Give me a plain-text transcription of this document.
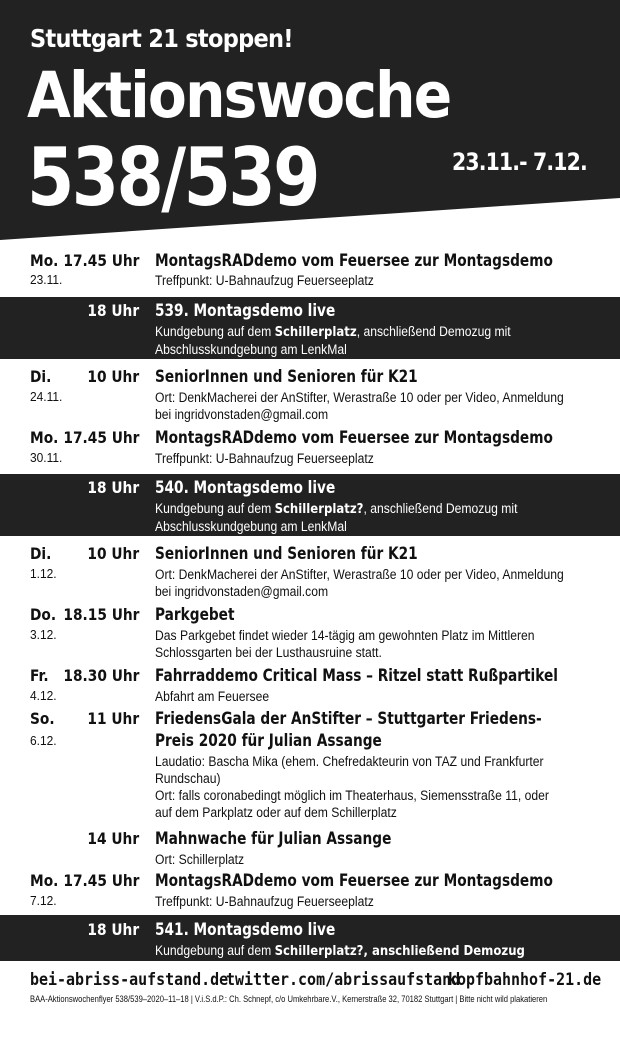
Stuttgart 21 stoppen!
Aktionswoche
538/539	23.11.- 7.12.
Mo. 17.45 Uhr
23.11.
MontagsRADdemo vom Feuersee zur Montagsdemo
Treffpunkt: U-Bahnaufzug Feuerseeplatz
18 Uhr 539. Montagsdemo live
Kundgebung auf dem Schillerplatz, anschließend Demozug mit
Abschlusskundgebung am LenkMal
Di.	10 Uhr
24.11.
SeniorInnen und Senioren für K21
Ort: DenkMacherei der AnStifter, Werastraße 10 oder per Video, Anmeldung
bei ingridvonstaden@gmail.com
Mo. 17.45 Uhr
30.11.
MontagsRADdemo vom Feuersee zur Montagsdemo
Treffpunkt: U-Bahnaufzug Feuerseeplatz
18 Uhr 540. Montagsdemo live
Kundgebung auf dem Schillerplatz?, anschließend Demozug mit
Abschlusskundgebung am LenkMal
Di.	10 Uhr
1.12.
SeniorInnen und Senioren für K21
Ort: DenkMacherei der AnStifter, Werastraße 10 oder per Video, Anmeldung
bei ingridvonstaden@gmail.com
Do. 18.15 Uhr
3.12.
Parkgebet
Das Parkgebet findet wieder 14-tägig am gewohnten Platz im Mittleren
Schlossgarten bei der Lusthausruine statt.
Fr. 18.30 Uhr
4.12.
Fahrraddemo Critical Mass – Ritzel statt Rußpartikel
Abfahrt am Feuersee
So.	11 Uhr
6.12.
FriedensGala der AnStifter – Stuttgarter Friedens-
Preis 2020 für Julian Assange
Laudatio: Bascha Mika (ehem. Chefredakteurin von TAZ und Frankfurter
Rundschau)
Ort: falls coronabedingt möglich im Theaterhaus, Siemensstraße 11, oder
auf dem Parkplatz oder auf dem Schillerplatz
14 Uhr Mahnwache für Julian Assange
Ort: Schillerplatz
Mo. 17.45 Uhr
7.12.
MontagsRADdemo vom Feuersee zur Montagsdemo
Treffpunkt: U-Bahnaufzug Feuerseeplatz
18 Uhr 541. Montagsdemo live
Kundgebung auf dem Schillerplatz?, anschließend Demozug
bei-abriss-aufstand.de
twitter.com/abrissaufstand
kopfbahnhof-21.de
BAA-Aktionswochenflyer 538/539–2020–11–18 | V.i.S.d.P.: Ch. Schnepf, c/o Umkehrbare.V., Kernerstraße 32, 70182 Stuttgart | Bitte nicht wild plakatieren
